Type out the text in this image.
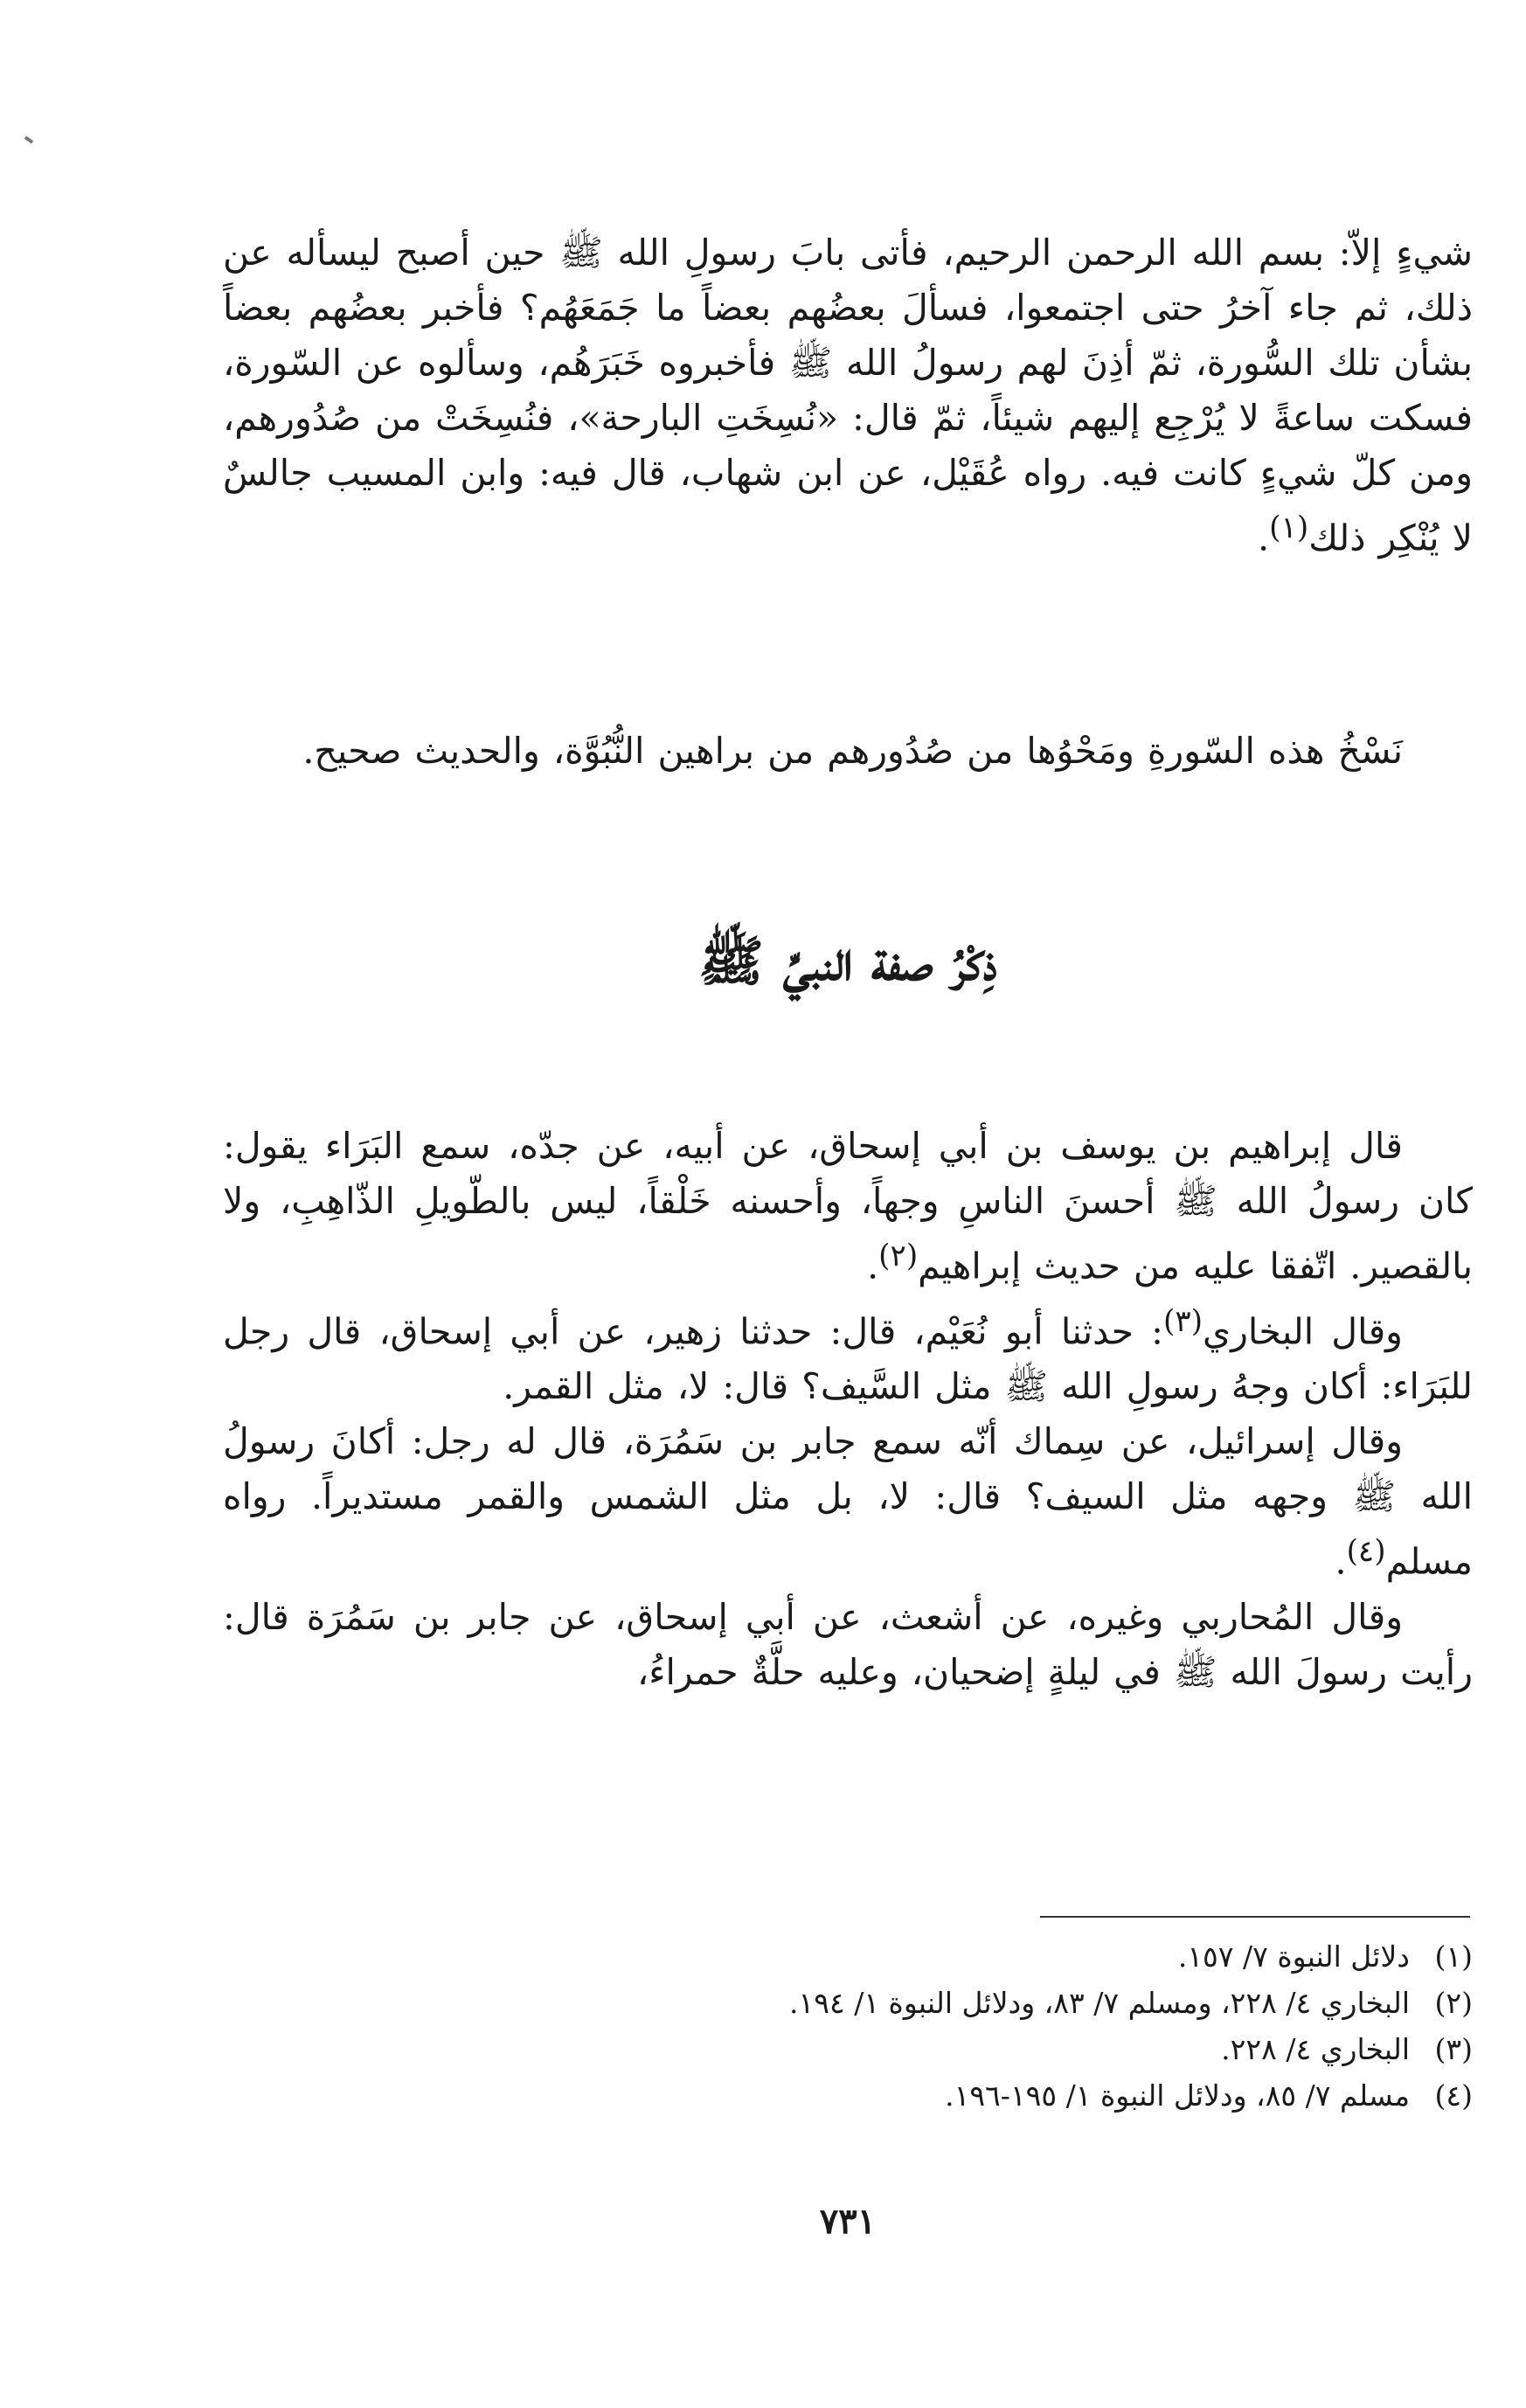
شيءٍ إلاّ: بسم الله الرحمن الرحيم، فأتى بابَ رسولِ الله ﷺ حين أصبح ليسأله عن ذلك، ثم جاء آخرُ حتى اجتمعوا، فسألَ بعضُهم بعضاً ما جَمَعَهُم؟ فأخبر بعضُهم بعضاً بشأن تلك السُّورة، ثمّ أذِنَ لهم رسولُ الله ﷺ فأخبروه خَبَرَهُم، وسألوه عن السّورة، فسكت ساعةً لا يُرْجِع إليهم شيئاً، ثمّ قال: «نُسِخَتِ البارحة»، فنُسِخَتْ من صُدُورهم، ومن كلّ شيءٍ كانت فيه. رواه عُقَيْل، عن ابن شهاب، قال فيه: وابن المسيب جالسٌ لا يُنْكِر ذلك$^{(١)}$.

نَسْخُ هذه السّورةِ ومَحْوُها من صُدُورهم من براهين النُّبُوَّة، والحديث صحيح.

ذِكْرُ صفة النبيِّ ﷺ

قال إبراهيم بن يوسف بن أبي إسحاق، عن أبيه، عن جدّه، سمع البَرَاء يقول: كان رسولُ الله ﷺ أحسنَ الناسِ وجهاً، وأحسنه خَلْقاً، ليس بالطّويلِ الذّاهِبِ، ولا بالقصير. اتّفقا عليه من حديث إبراهيم$^{(٢)}$.

وقال البخاري$^{(٣)}$: حدثنا أبو نُعَيْم، قال: حدثنا زهير، عن أبي إسحاق، قال رجل للبَرَاء: أكان وجهُ رسولِ الله ﷺ مثل السَّيف؟ قال: لا، مثل القمر.

وقال إسرائيل، عن سِماك أنّه سمع جابر بن سَمُرَة، قال له رجل: أكانَ رسولُ الله ﷺ وجهه مثل السيف؟ قال: لا، بل مثل الشمس والقمر مستديراً. رواه مسلم$^{(٤)}$.

وقال المُحاربي وغيره، عن أشعث، عن أبي إسحاق، عن جابر بن سَمُرَة قال: رأيت رسولَ الله ﷺ في ليلةٍ إضحيان، وعليه حلَّةٌ حمراءُ،

(١)
دلائل النبوة ٧/ ١٥٧.
(٢)
البخاري ٤/ ٢٢٨، ومسلم ٧/ ٨٣، ودلائل النبوة ١/ ١٩٤.
(٣)
البخاري ٤/ ٢٢٨.
(٤)
مسلم ٧/ ٨٥، ودلائل النبوة ١/ ١٩٥-١٩٦.
٧٣١
